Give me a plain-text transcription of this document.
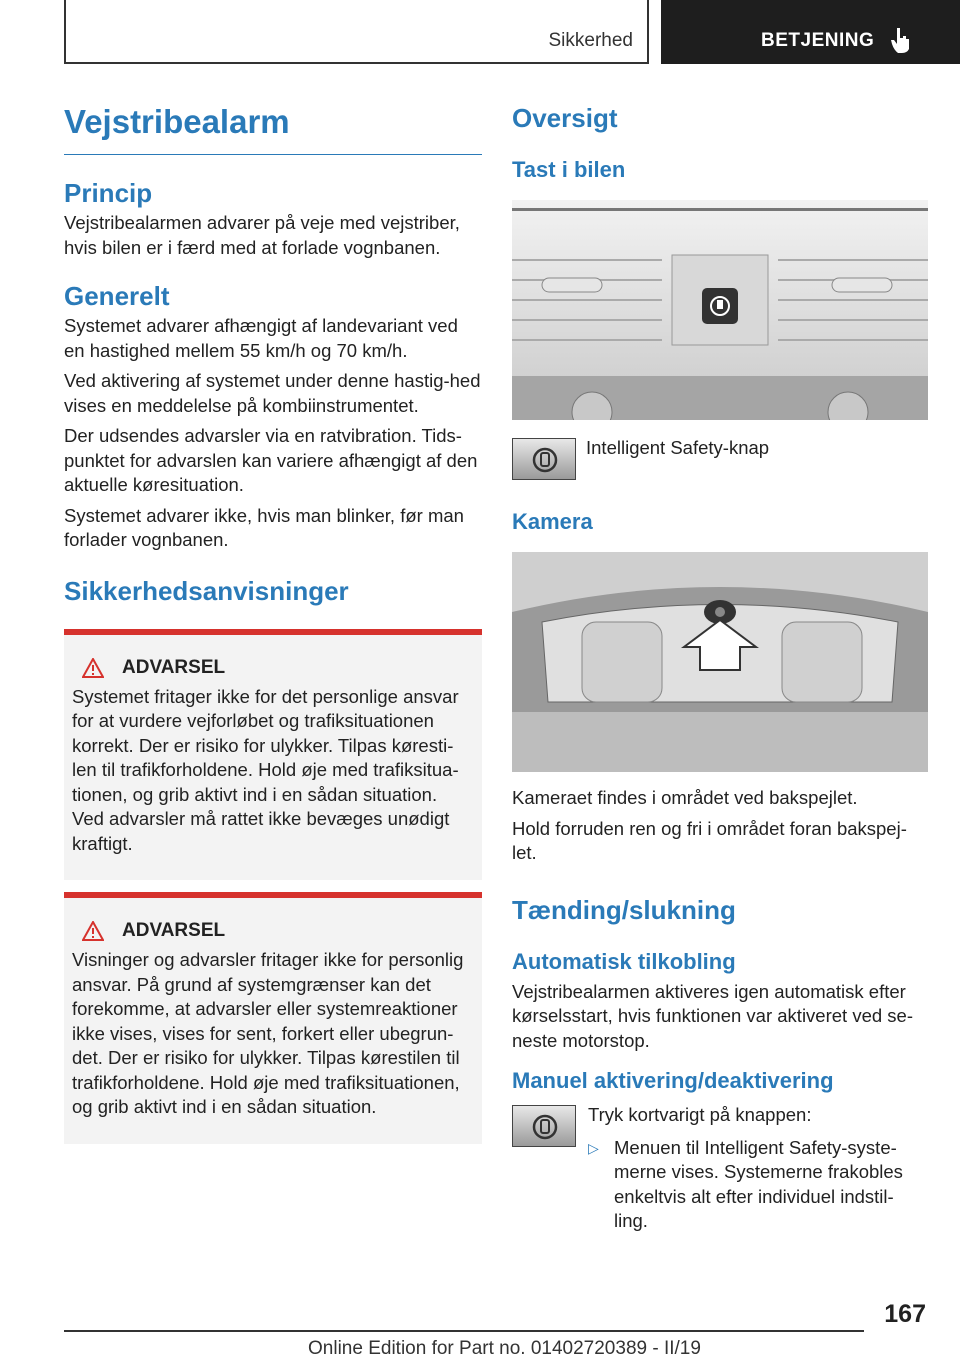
Sikkerhed	BETJENING
Vejstribealarm
Princip

Vejstribealarmen advarer på veje med vejstriber, hvis bilen er i færd med at forlade vognbanen.

Generelt

Systemet advarer afhængigt af landevariant ved en hastighed mellem 55 km/h og 70 km/h.

Ved aktivering af systemet under denne hastig-hed vises en meddelelse på kombiinstrumentet.

Der udsendes advarsler via en ratvibration. Tids-punktet for advarslen kan variere afhængigt af den aktuelle køresituation.

Systemet advarer ikke, hvis man blinker, før man forlader vognbanen.

Sikkerhedsanvisninger
ADVARSEL

Systemet fritager ikke for det personlige ansvar for at vurdere vejforløbet og trafiksituationen korrekt. Der er risiko for ulykker. Tilpas køresti-len til trafikforholdene. Hold øje med trafiksitua-tionen, og grib aktivt ind i en sådan situation. Ved advarsler må rattet ikke bevæges unødigt kraftigt.

ADVARSEL

Visninger og advarsler fritager ikke for personlig ansvar. På grund af systemgrænser kan det forekomme, at advarsler eller systemreaktioner ikke vises, vises for sent, forkert eller ubegrun-det. Der er risiko for ulykker. Tilpas kørestilen til trafikforholdene. Hold øje med trafiksituationen, og grib aktivt ind i en sådan situation.

Oversigt
Tast i bilen

Intelligent Safety-knap

Kamera

Kameraet findes i området ved bakspejlet.

Hold forruden ren og fri i området foran bakspej-let.

Tænding/slukning
Automatisk tilkobling

Vejstribealarmen aktiveres igen automatisk efter kørselsstart, hvis funktionen var aktiveret ved se-neste motorstop.

Manuel aktivering/deaktivering

Tryk kortvarigt på knappen:

▷ Menuen til Intelligent Safety-syste-merne vises. Systemerne frakobles enkeltvis alt efter individuel indstil-ling.

167
Online Edition for Part no. 01402720389 - II/19
